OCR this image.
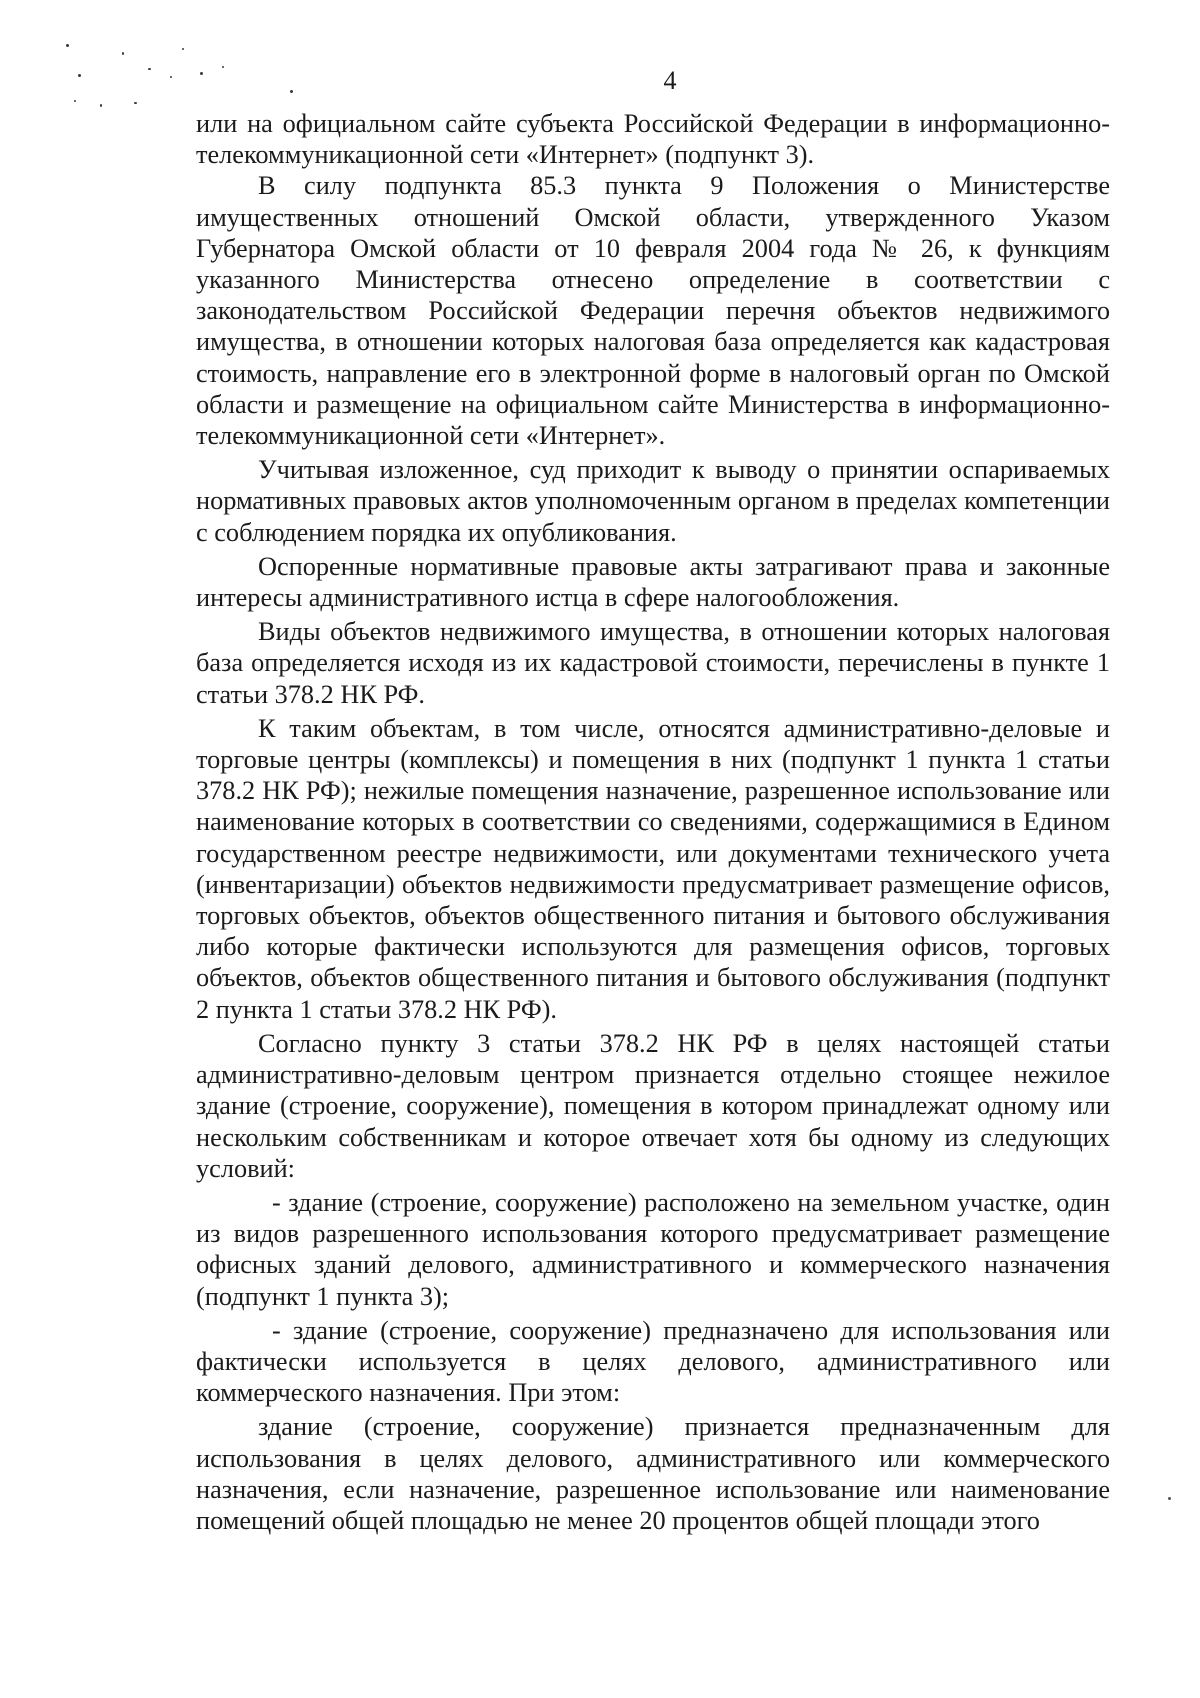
4

или на официальном сайте субъекта Российской Федерации в информационно-телекоммуникационной сети «Интернет» (подпункт 3).

В силу подпункта 85.3 пункта 9 Положения о Министерстве имущественных отношений Омской области, утвержденного Указом Губернатора Омской области от 10 февраля 2004 года № 26, к функциям указанного Министерства отнесено определение в соответствии с законодательством Российской Федерации перечня объектов недвижимого имущества, в отношении которых налоговая база определяется как кадастровая стоимость, направление его в электронной форме в налоговый орган по Омской области и размещение на официальном сайте Министерства в информационно-телекоммуникационной сети «Интернет».

Учитывая изложенное, суд приходит к выводу о принятии оспариваемых нормативных правовых актов уполномоченным органом в пределах компетенции с соблюдением порядка их опубликования.

Оспоренные нормативные правовые акты затрагивают права и законные интересы административного истца в сфере налогообложения.

Виды объектов недвижимого имущества, в отношении которых налоговая база определяется исходя из их кадастровой стоимости, перечислены в пункте 1 статьи 378.2 НК РФ.

К таким объектам, в том числе, относятся административно-деловые и торговые центры (комплексы) и помещения в них (подпункт 1 пункта 1 статьи 378.2 НК РФ); нежилые помещения назначение, разрешенное использование или наименование которых в соответствии со сведениями, содержащимися в Едином государственном реестре недвижимости, или документами технического учета (инвентаризации) объектов недвижимости предусматривает размещение офисов, торговых объектов, объектов общественного питания и бытового обслуживания либо которые фактически используются для размещения офисов, торговых объектов, объектов общественного питания и бытового обслуживания (подпункт 2 пункта 1 статьи 378.2 НК РФ).

Согласно пункту 3 статьи 378.2 НК РФ в целях настоящей статьи административно-деловым центром признается отдельно стоящее нежилое здание (строение, сооружение), помещения в котором принадлежат одному или нескольким собственникам и которое отвечает хотя бы одному из следующих условий:

- здание (строение, сооружение) расположено на земельном участке, один из видов разрешенного использования которого предусматривает размещение офисных зданий делового, административного и коммерческого назначения (подпункт 1 пункта 3);

- здание (строение, сооружение) предназначено для использования или фактически используется в целях делового, административного или коммерческого назначения. При этом:

здание (строение, сооружение) признается предназначенным для использования в целях делового, административного или коммерческого назначения, если назначение, разрешенное использование или наименование помещений общей площадью не менее 20 процентов общей площади этого
